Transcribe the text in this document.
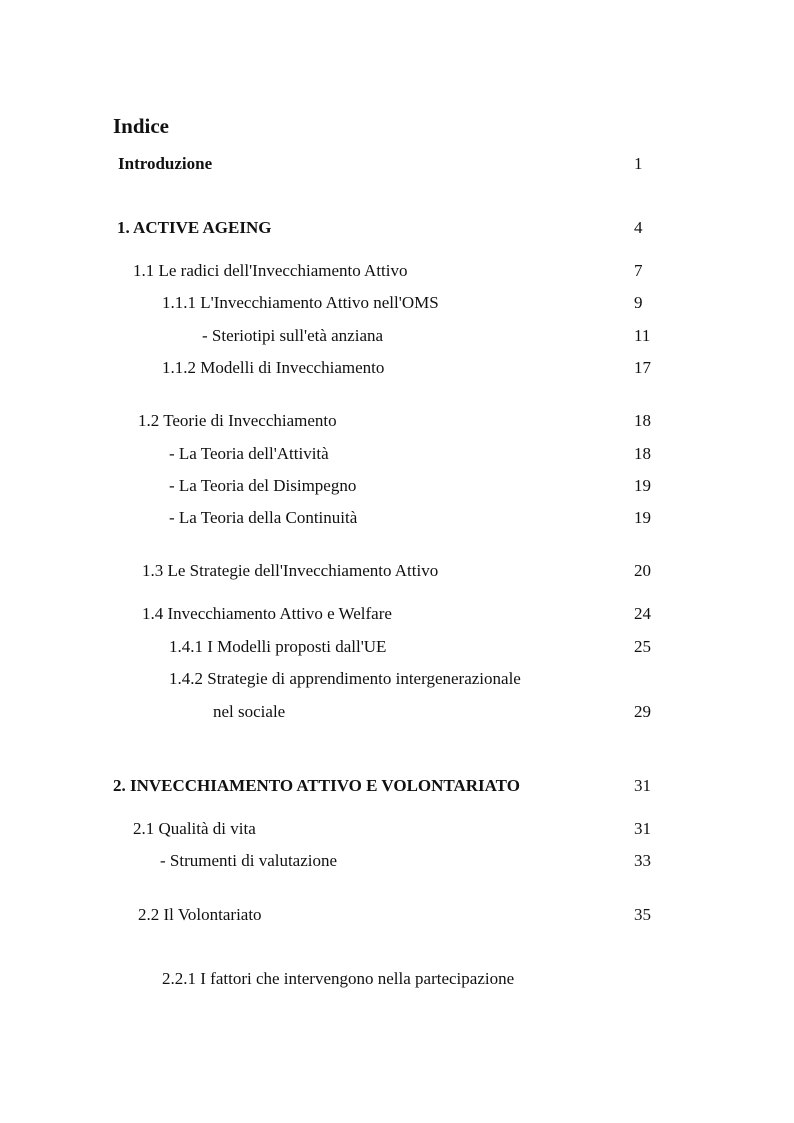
Indice
Introduzione	1
1. ACTIVE AGEING	4
1.1 Le radici dell'Invecchiamento Attivo	7
1.1.1 L'Invecchiamento Attivo nell'OMS	9
- Steriotipi sull'età anziana	11
1.1.2 Modelli di Invecchiamento	17
1.2 Teorie di Invecchiamento	18
- La Teoria dell'Attività	18
- La Teoria del Disimpegno	19
- La Teoria della Continuità	19
1.3 Le Strategie dell'Invecchiamento Attivo	20
1.4 Invecchiamento Attivo e Welfare	24
1.4.1 I Modelli proposti dall'UE	25
1.4.2 Strategie di apprendimento intergenerazionale
nel sociale	29
2. INVECCHIAMENTO ATTIVO E VOLONTARIATO	31
2.1 Qualità di vita	31
- Strumenti di valutazione	33
2.2 Il Volontariato	35
2.2.1 I fattori che intervengono nella partecipazione
